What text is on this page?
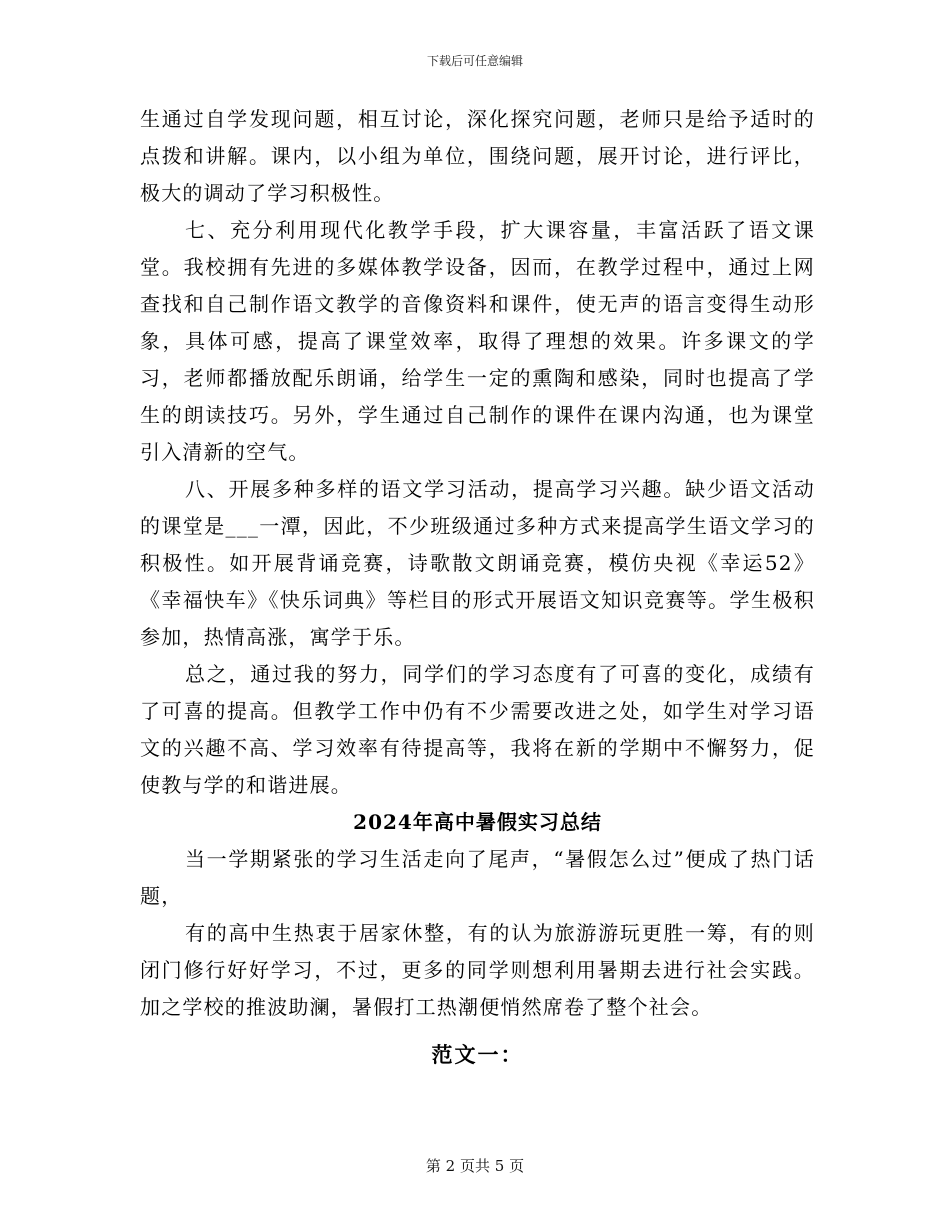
下载后可任意编辑

生通过自学发现问题，相互讨论，深化探究问题，老师只是给予适时的点拨和讲解。课内，以小组为单位，围绕问题，展开讨论，进行评比，极大的调动了学习积极性。

七、充分利用现代化教学手段，扩大课容量，丰富活跃了语文课堂。我校拥有先进的多媒体教学设备，因而，在教学过程中，通过上网查找和自己制作语文教学的音像资料和课件，使无声的语言变得生动形象，具体可感，提高了课堂效率，取得了理想的效果。许多课文的学习，老师都播放配乐朗诵，给学生一定的熏陶和感染，同时也提高了学生的朗读技巧。另外，学生通过自己制作的课件在课内沟通，也为课堂引入清新的空气。

八、开展多种多样的语文学习活动，提高学习兴趣。缺少语文活动的课堂是___一潭，因此，不少班级通过多种方式来提高学生语文学习的积极性。如开展背诵竞赛，诗歌散文朗诵竞赛，模仿央视《幸运52》《幸福快车》《快乐词典》等栏目的形式开展语文知识竞赛等。学生极积参加，热情高涨，寓学于乐。

总之，通过我的努力，同学们的学习态度有了可喜的变化，成绩有了可喜的提高。但教学工作中仍有不少需要改进之处，如学生对学习语文的兴趣不高、学习效率有待提高等，我将在新的学期中不懈努力，促使教与学的和谐进展。

2024年高中暑假实习总结

当一学期紧张的学习生活走向了尾声，“暑假怎么过”便成了热门话题，

有的高中生热衷于居家休整，有的认为旅游游玩更胜一筹，有的则闭门修行好好学习，不过，更多的同学则想利用暑期去进行社会实践。加之学校的推波助澜，暑假打工热潮便悄然席卷了整个社会。

范文一：
第 2 页共 5 页
